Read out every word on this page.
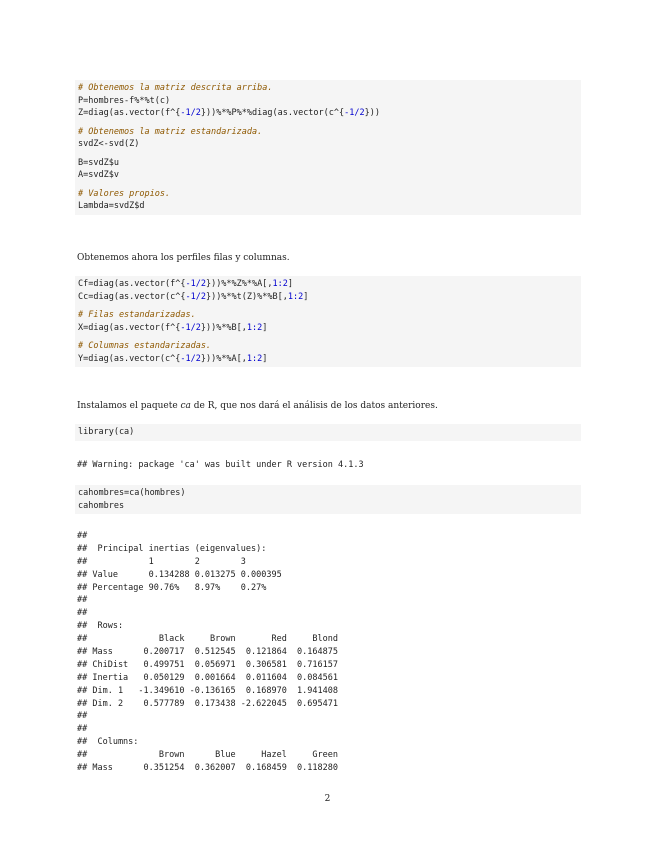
# Obtenemos la matriz descrita arriba.
P=hombres-f%*%t(c)
Z=diag(as.vector(f^{-1/2}))%*%P%*%diag(as.vector(c^{-1/2}))
# Obtenemos la matriz estandarizada.
svdZ<-svd(Z)
B=svdZ$u
A=svdZ$v
# Valores propios.
Lambda=svdZ$d
Obtenemos ahora los perfiles filas y columnas.
Cf=diag(as.vector(f^{-1/2}))%*%Z%*%A[,1:2]
Cc=diag(as.vector(c^{-1/2}))%*%t(Z)%*%B[,1:2]
# Filas estandarizadas.
X=diag(as.vector(f^{-1/2}))%*%B[,1:2]
# Columnas estandarizadas.
Y=diag(as.vector(c^{-1/2}))%*%A[,1:2]
Instalamos el paquete ca de R, que nos dará el análisis de los datos anteriores.
library(ca)
## Warning: package 'ca' was built under R version 4.1.3
cahombres=ca(hombres)
cahombres
##
##  Principal inertias (eigenvalues):
##            1        2        3
## Value      0.134288 0.013275 0.000395
## Percentage 90.76%   8.97%    0.27%
##
##
##  Rows:
##              Black     Brown       Red     Blond
## Mass      0.200717  0.512545  0.121864  0.164875
## ChiDist   0.499751  0.056971  0.306581  0.716157
## Inertia   0.050129  0.001664  0.011604  0.084561
## Dim. 1   -1.349610 -0.136165  0.168970  1.941408
## Dim. 2    0.577789  0.173438 -2.622045  0.695471
##
##
##  Columns:
##              Brown      Blue     Hazel     Green
## Mass      0.351254  0.362007  0.168459  0.118280
2
